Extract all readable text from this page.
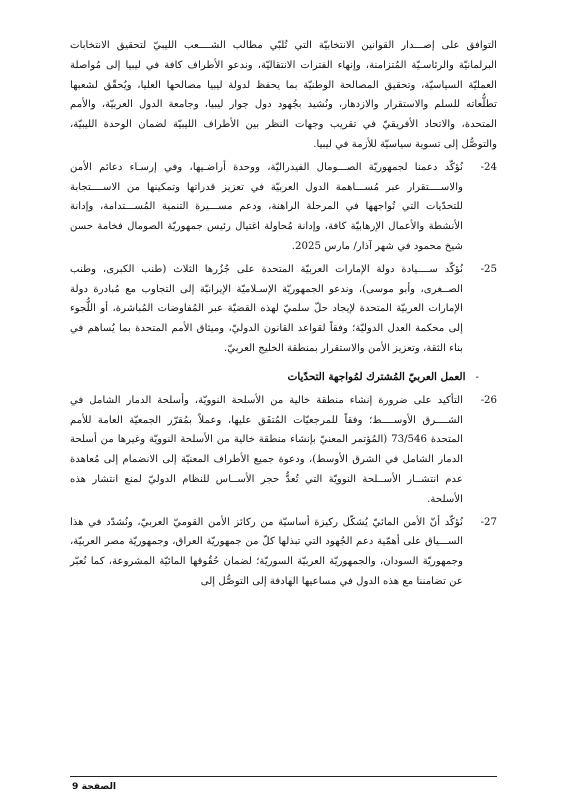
التوافق على إصـــدار القوانين الانتخابيّة التي تُلبّي مطالب الشــــعب الليبيّ لتحقيق الانتخابات البرلمانيّة والرئاسـيّة المُتزامنة، وإنهاء الفترات الانتقاليّة، وندعو الأطراف كافة في ليبيا إلى مُواصلة العمليّة السياسيّة، وتحقيق المصالحة الوطنيّة بما يحفظ لدولة ليبيا مصالحها العليا، ويُحقّق لشعبها تطلُّعاته للسلم والاستقرار والازدهار، ونُشيد بجُهود دول جوار ليبيا، وجامعة الدول العربيّة، والأمم المتحدة، والاتحاد الأفريقيّ في تقريب وجهات النظر بين الأطراف الليبيّة لضمان الوحدة الليبيّة، والتوصُّل إلى تسوية سياسيّة للأزمة في ليبيا.

-24

نُؤكّد دعمنا لجمهوريّة الصـــومال الفيدراليّة، ووحدة أراضـيها، وفي إرسـاء دعائم الأمن والاســــتقرار عبر مُســـاهمة الدول العربيّة في تعزيز قدراتها وتمكينها من الاســــتجابة للتحدّيات التي تُواجهها في المرحلة الراهنة، ودعم مســـيرة التنمية المُســـتدامة، وإدانة الأنشطة والأعمال الإرهابيّة كافة، وإدانة مُحاولة اغتيال رئيس جمهوريّة الصومال فخامة حسن شيخ محمود في شهر آذار/ مارس 2025.

-25

نُؤكّد ســــيادة دولة الإمارات العربيّة المتحدة على جُزُرها الثلاث (طنب الكبرى، وطنب الصــغرى، وأبو موسى)، وندعو الجمهوريّة الإسـلاميّة الإيرانيّة إلى التجاوب مع مُبادرة دولة الإمارات العربيّة المتحدة لإيجاد حلّ سلميّ لهذه القضيّة عبر المُفاوضات المُباشرة، أو اللُّجوء إلى محكمة العدل الدوليّة؛ وفقاً لقواعد القانون الدوليّ، وميثاق الأمم المتحدة بما يُساهم في بناء الثقة، وتعزيز الأمن والاستقرار بمنطقة الخليج العربيّ.

-
العمل العربيّ المُشترك لمُواجهة التحدّيات
-26

التأكيد على ضرورة إنشاء منطقة خالية من الأسلحة النوويّة، وأسلحة الدمار الشامل في الشــــرق الأوســــط؛ وفقاً للمرجعيّات المُتفَق عليها، وعملاً بمُقرّر الجمعيّة العامة للأمم المتحدة 73/546 (المُؤتمر المعنيّ بإنشاء منطقة خالية من الأسلحة النوويّة وغيرها من أسلحة الدمار الشامل في الشرق الأوسط)، ودعوة جميع الأطراف المعنيّة إلى الانضمام إلى مُعاهدة عدم انتشــار الأســلحة النوويّة التي تُعدُّ حجر الأســاس للنظام الدوليّ لمنع انتشار هذه الأسلحة.

-27

نُؤكّد أنّ الأمن المائيّ يُشكّل ركيزة أساسيّة من ركائز الأمن القوميّ العربيّ، ونُشدّد في هذا الســـياق على أهمّية دعم الجُهود التي تبذلها كلّ من جمهوريّة العراق، وجمهوريّة مصر العربيّة، وجمهوريّة السودان، والجمهوريّة العربيّة السوريّة؛ لضمان حُقُوقها المائيّة المشروعة، كما نُعبّر عن تضامننا مع هذه الدول في مساعيها الهادفة إلى التوصُّل إلى

الصفحة 9
